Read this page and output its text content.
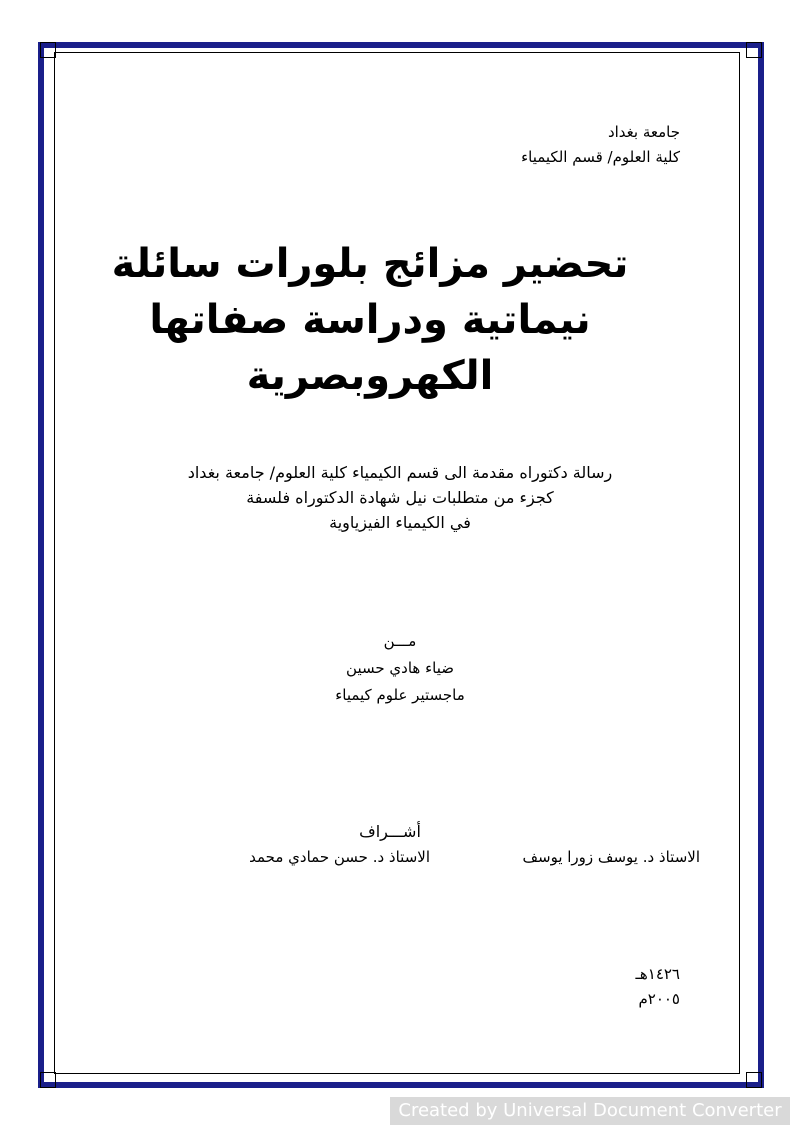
جامعة بغداد
كلية العلوم/ قسم الكيمياء
تحضير مزائج بلورات سائلة
نيماتية ودراسة صفاتها
الكهروبصرية
رسالة دكتوراه مقدمة الى قسم الكيمياء كلية العلوم/ جامعة بغداد
كجزء من متطلبات نيل شهادة الدكتوراه فلسفة
في الكيمياء الفيزياوية
مـــن
ضياء هادي حسين
ماجستير علوم كيمياء
أشـــراف
الاستاذ د. يوسف زورا يوسف
الاستاذ د. حسن حمادي محمد
١٤٢٦هـ
٢٠٠٥م
Created by Universal Document Converter
